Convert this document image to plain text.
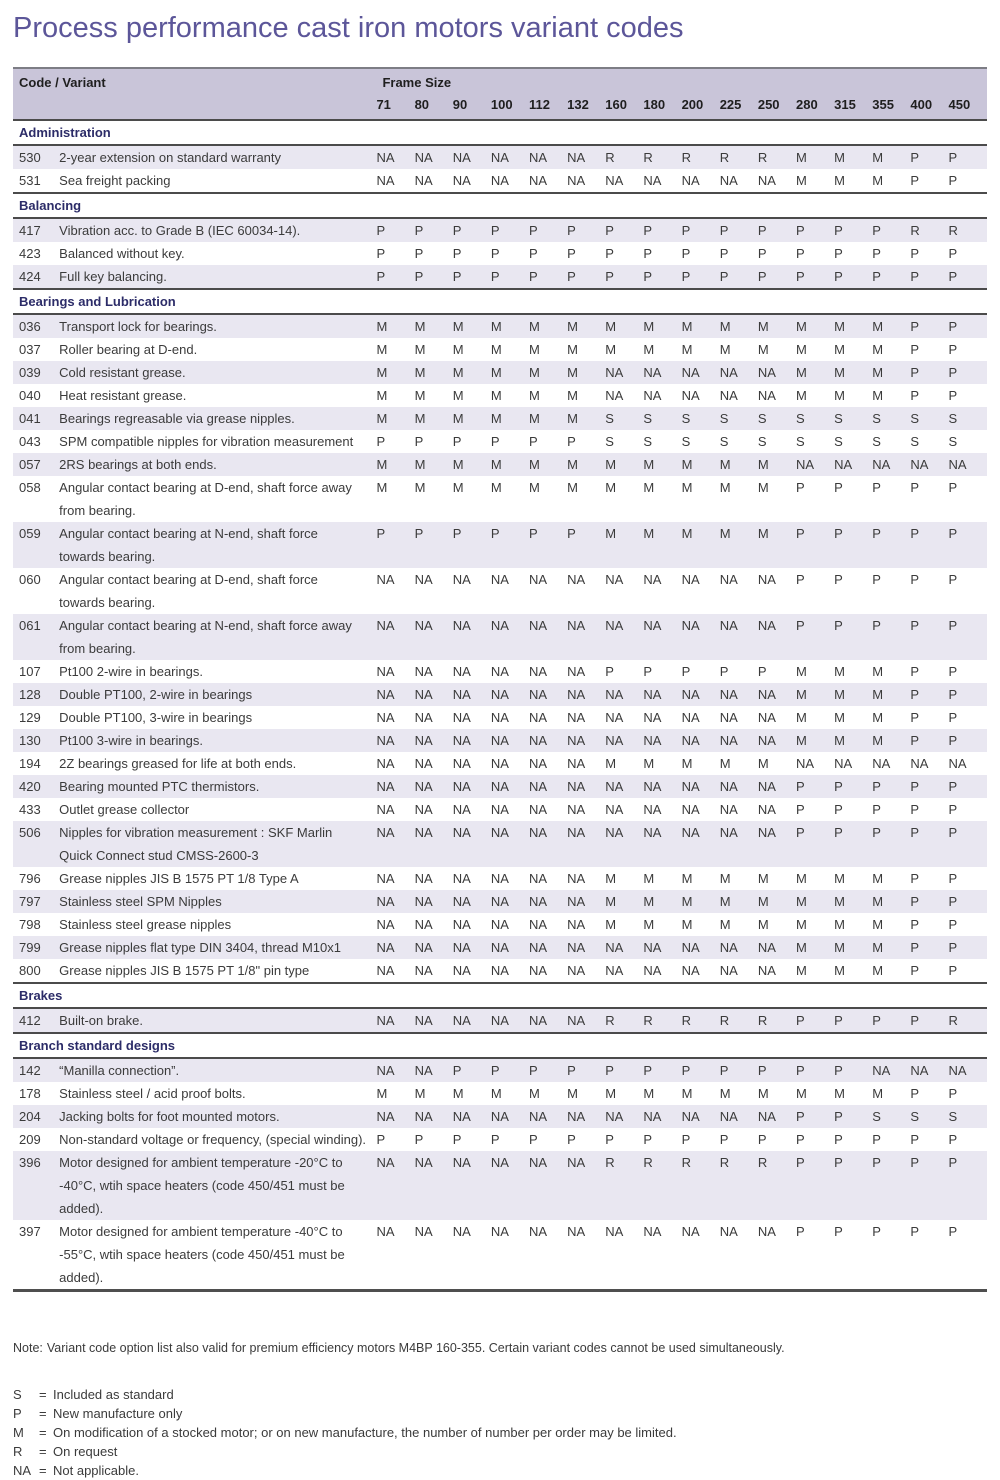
Process performance cast iron motors variant codes
Code / Variant		Frame Size															
		71	80	90	100	112	132	160	180	200	225	250	280	315	355	400	450
Administration																	
530	2-year extension on standard warranty	NA	NA	NA	NA	NA	NA	R	R	R	R	R	M	M	M	P	P
531	Sea freight packing	NA	NA	NA	NA	NA	NA	NA	NA	NA	NA	NA	M	M	M	P	P
Balancing																	
417	Vibration acc. to Grade B (IEC 60034-14).	P	P	P	P	P	P	P	P	P	P	P	P	P	P	R	R
423	Balanced without key.	P	P	P	P	P	P	P	P	P	P	P	P	P	P	P	P
424	Full key balancing.	P	P	P	P	P	P	P	P	P	P	P	P	P	P	P	P
Bearings and Lubrication																	
036	Transport lock for bearings.	M	M	M	M	M	M	M	M	M	M	M	M	M	M	P	P
037	Roller bearing at D-end.	M	M	M	M	M	M	M	M	M	M	M	M	M	M	P	P
039	Cold resistant grease.	M	M	M	M	M	M	NA	NA	NA	NA	NA	M	M	M	P	P
040	Heat resistant grease.	M	M	M	M	M	M	NA	NA	NA	NA	NA	M	M	M	P	P
041	Bearings regreasable via grease nipples.	M	M	M	M	M	M	S	S	S	S	S	S	S	S	S	S
043	SPM compatible nipples for vibration measurement	P	P	P	P	P	P	S	S	S	S	S	S	S	S	S	S
057	2RS bearings at both ends.	M	M	M	M	M	M	M	M	M	M	M	NA	NA	NA	NA	NA
058	Angular contact bearing at D-end, shaft force away
from bearing.	M	M	M	M	M	M	M	M	M	M	M	P	P	P	P	P
059	Angular contact bearing at N-end, shaft force
towards bearing.	P	P	P	P	P	P	M	M	M	M	M	P	P	P	P	P
060	Angular contact bearing at D-end, shaft force
towards bearing.	NA	NA	NA	NA	NA	NA	NA	NA	NA	NA	NA	P	P	P	P	P
061	Angular contact bearing at N-end, shaft force away
from bearing.	NA	NA	NA	NA	NA	NA	NA	NA	NA	NA	NA	P	P	P	P	P
107	Pt100 2-wire in bearings.	NA	NA	NA	NA	NA	NA	P	P	P	P	P	M	M	M	P	P
128	Double PT100, 2-wire in bearings	NA	NA	NA	NA	NA	NA	NA	NA	NA	NA	NA	M	M	M	P	P
129	Double PT100, 3-wire in bearings	NA	NA	NA	NA	NA	NA	NA	NA	NA	NA	NA	M	M	M	P	P
130	Pt100 3-wire in bearings.	NA	NA	NA	NA	NA	NA	NA	NA	NA	NA	NA	M	M	M	P	P
194	2Z bearings greased for life at both ends.	NA	NA	NA	NA	NA	NA	M	M	M	M	M	NA	NA	NA	NA	NA
420	Bearing mounted PTC thermistors.	NA	NA	NA	NA	NA	NA	NA	NA	NA	NA	NA	P	P	P	P	P
433	Outlet grease collector	NA	NA	NA	NA	NA	NA	NA	NA	NA	NA	NA	P	P	P	P	P
506	Nipples for vibration measurement : SKF Marlin
Quick Connect stud CMSS-2600-3	NA	NA	NA	NA	NA	NA	NA	NA	NA	NA	NA	P	P	P	P	P
796	Grease nipples JIS B 1575 PT 1/8 Type A	NA	NA	NA	NA	NA	NA	M	M	M	M	M	M	M	M	P	P
797	Stainless steel SPM Nipples	NA	NA	NA	NA	NA	NA	M	M	M	M	M	M	M	M	P	P
798	Stainless steel grease nipples	NA	NA	NA	NA	NA	NA	M	M	M	M	M	M	M	M	P	P
799	Grease nipples flat type DIN 3404, thread M10x1	NA	NA	NA	NA	NA	NA	NA	NA	NA	NA	NA	M	M	M	P	P
800	Grease nipples JIS B 1575 PT 1/8" pin type	NA	NA	NA	NA	NA	NA	NA	NA	NA	NA	NA	M	M	M	P	P
Brakes																	
412	Built-on brake.	NA	NA	NA	NA	NA	NA	R	R	R	R	R	P	P	P	P	R
Branch standard designs																	
142	“Manilla connection”.	NA	NA	P	P	P	P	P	P	P	P	P	P	P	NA	NA	NA
178	Stainless steel / acid proof bolts.	M	M	M	M	M	M	M	M	M	M	M	M	M	M	P	P
204	Jacking bolts for foot mounted motors.	NA	NA	NA	NA	NA	NA	NA	NA	NA	NA	NA	P	P	S	S	S
209	Non-standard voltage or frequency, (special winding).	P	P	P	P	P	P	P	P	P	P	P	P	P	P	P	P
396	Motor designed for ambient temperature -20°C to
-40°C, wtih space heaters (code 450/451 must be
added).	NA	NA	NA	NA	NA	NA	R	R	R	R	R	P	P	P	P	P
397	Motor designed for ambient temperature -40°C to
-55°C, wtih space heaters (code 450/451 must be
added).	NA	NA	NA	NA	NA	NA	NA	NA	NA	NA	NA	P	P	P	P	P

Note: Variant code option list also valid for premium efficiency motors M4BP 160-355. Certain variant codes cannot be used simultaneously.

S	= Included as standard
P	= New manufacture only
M	= On modification of a stocked motor; or on new manufacture, the number of number per order may be limited.
R	= On request
NA = Not applicable.
